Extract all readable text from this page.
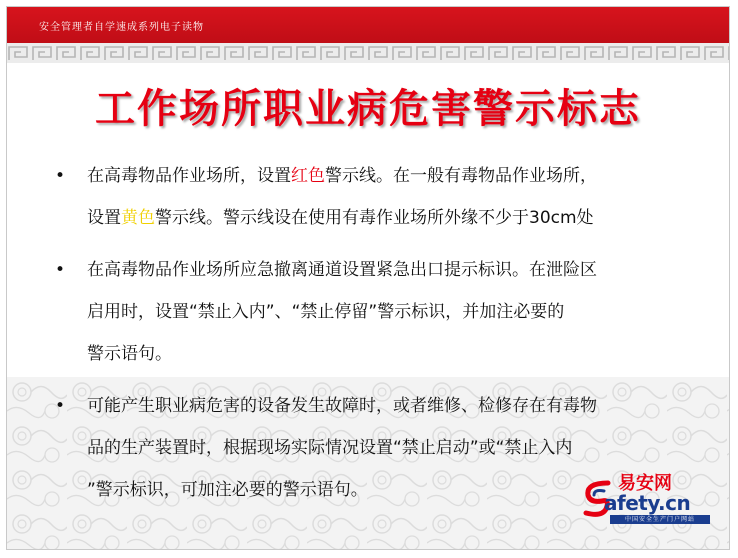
安全管理者自学速成系列电子读物
工作场所职业病危害警示标志
•	在高毒物品作业场所，设置红色警示线。在一般有毒物品作业场所，
设置黄色警示线。警示线设在使用有毒作业场所外缘不少于30cm处
•	在高毒物品作业场所应急撤离通道设置紧急出口提示标识。在泄险区
启用时，设置“禁止入内”、“禁止停留”警示标识，并加注必要的
警示语句。
•	可能产生职业病危害的设备发生故障时，或者维修、检修存在有毒物
品的生产装置时，根据现场实际情况设置“禁止启动”或“禁止入内
”警示标识，可加注必要的警示语句。	易安网
afety.cn
中国安全生产门户网站
